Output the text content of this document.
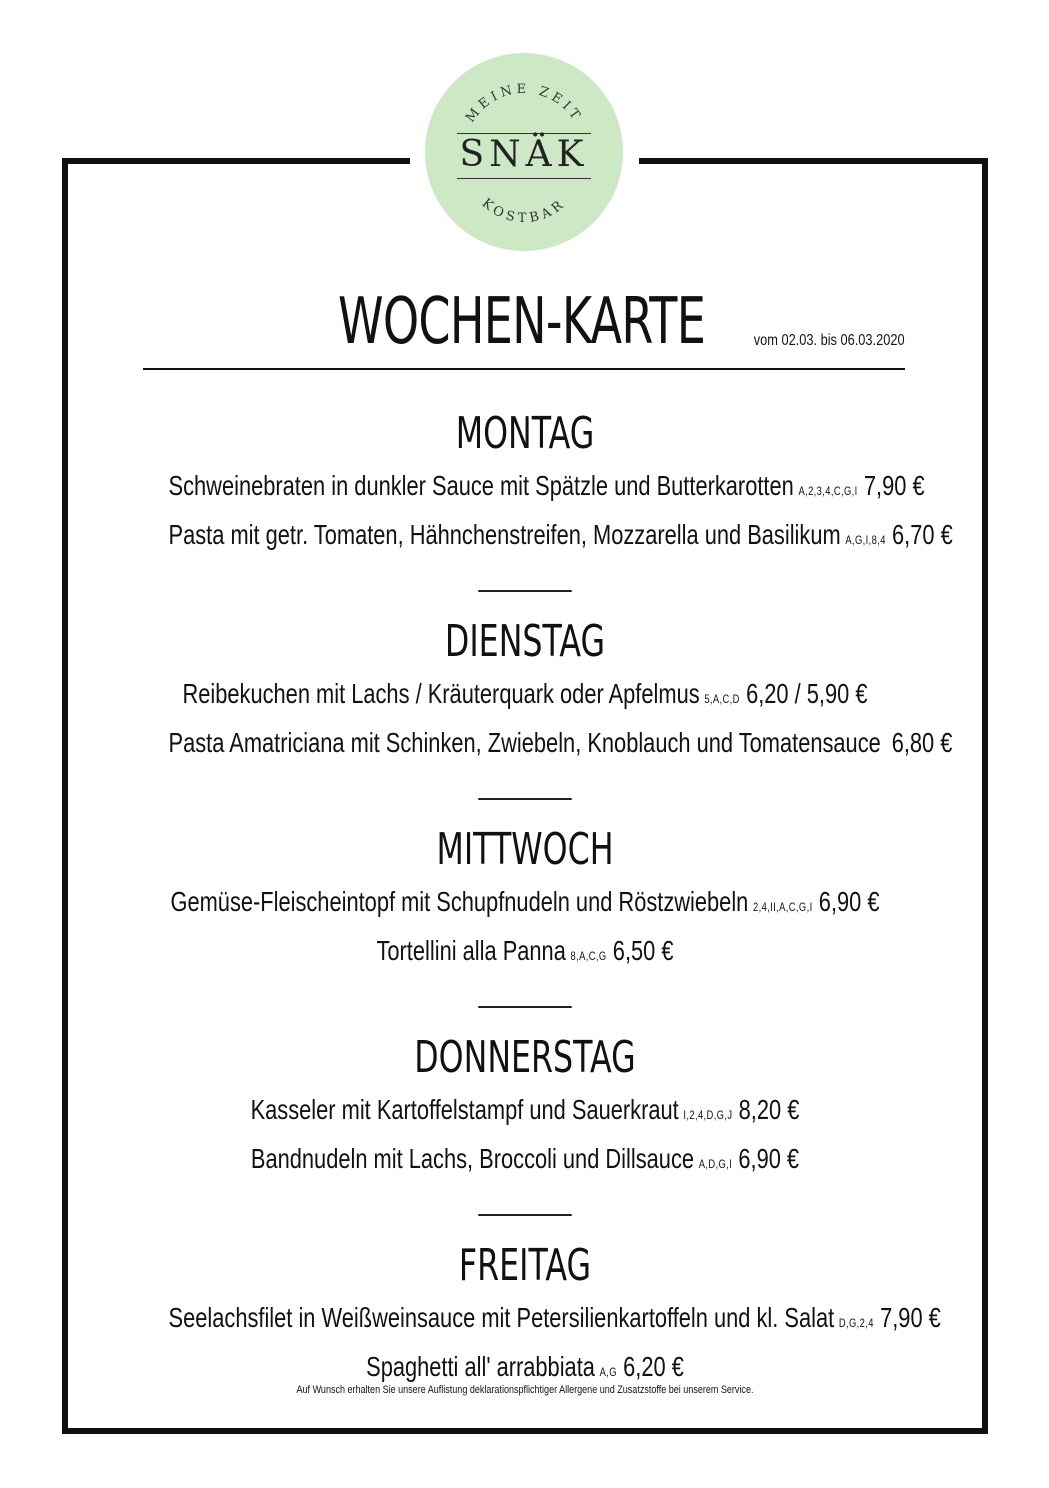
MEINE ZEIT
KOSTBAR
SNÄK
WOCHEN-KARTE	vom 02.03. bis 06.03.2020
MONTAG
Schweinebraten in dunkler Sauce mit Spätzle und Butterkarotten A,2,3,4,C,G,I 7,90 €
Pasta mit getr. Tomaten, Hähnchenstreifen, Mozzarella und Basilikum A,G,I,8,4 6,70 €
DIENSTAG
Reibekuchen mit Lachs / Kräuterquark oder Apfelmus 5,A,C,D 6,20 / 5,90 €
Pasta Amatriciana mit Schinken, Zwiebeln, Knoblauch und Tomatensauce 6,80 €
MITTWOCH
Gemüse-Fleischeintopf mit Schupfnudeln und Röstzwiebeln 2,4,II,A,C,G,I 6,90 €
Tortellini alla Panna 8,A,C,G 6,50 €
DONNERSTAG
Kasseler mit Kartoffelstampf und Sauerkraut I,2,4,D,G,J 8,20 €
Bandnudeln mit Lachs, Broccoli und Dillsauce A,D,G,I 6,90 €
FREITAG
Seelachsfilet in Weißweinsauce mit Petersilienkartoffeln und kl. Salat D,G,2,4 7,90 €
Spaghetti all' arrabbiata A,G 6,20 €
Auf Wunsch erhalten Sie unsere Auflistung deklarationspflichtiger Allergene und Zusatzstoffe bei unserem Service.
